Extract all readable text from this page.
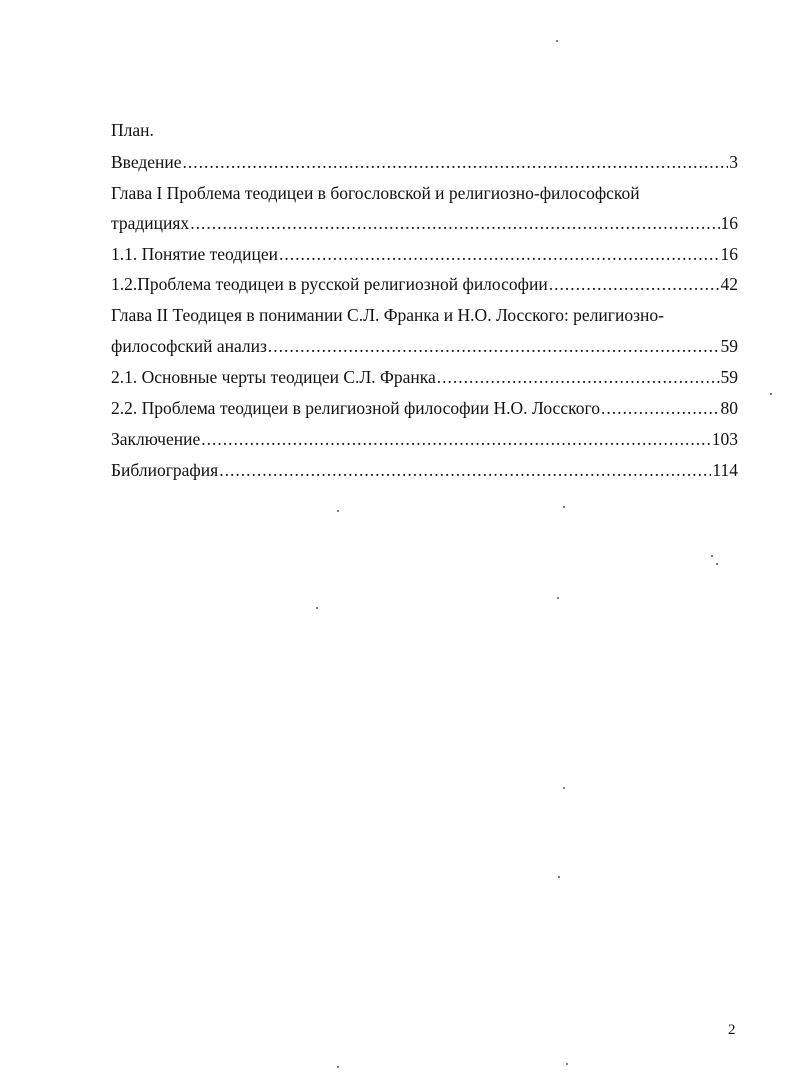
План.

Введение .....	3
Глава I Проблема теодицеи в богословской и религиозно-философской
традициях .....	16
1.1. Понятие теодицеи .....	16
1.2.Проблема теодицеи в русской религиозной философии .....	42
Глава II Теодицея в понимании С.Л. Франка и Н.О. Лосского: религиозно-
философский анализ .....	59
2.1. Основные черты теодицеи С.Л. Франка .....	59
2.2. Проблема теодицеи в религиозной философии Н.О. Лосского .....	80
Заключение .....	103
Библиография .....	114
2
